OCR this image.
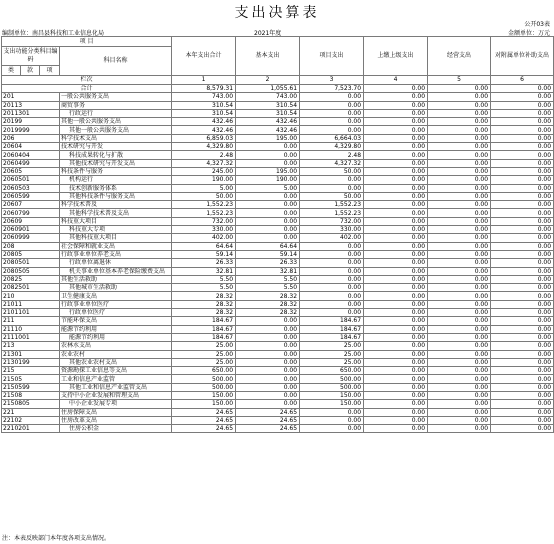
支出决算表
公开03表
编制单位：南昌县科技和工业信息化局	2021年度	金额单位：万元
项 目				本年支出合计	基本支出	项目支出	上缴上级支出	经营支出	对附属单位补助支出
支出功能分类科目编码			科目名称						
类	款	项							
栏次				1	2	3	4	5	6
合计				8,579.31	1,055.61	7,523.70	0.00	0.00	0.00
201			一般公共服务支出	743.00	743.00	0.00	0.00	0.00	0.00
20113			商贸事务	310.54	310.54	0.00	0.00	0.00	0.00
2011301			行政运行	310.54	310.54	0.00	0.00	0.00	0.00
20199			其他一般公共服务支出	432.46	432.46	0.00	0.00	0.00	0.00
2019999			其他一般公共服务支出	432.46	432.46	0.00	0.00	0.00	0.00
206			科学技术支出	6,859.03	195.00	6,664.03	0.00	0.00	0.00
20604			技术研究与开发	4,329.80	0.00	4,329.80	0.00	0.00	0.00
2060404			科技成果转化与扩散	2.48	0.00	2.48	0.00	0.00	0.00
2060499			其他技术研究与开发支出	4,327.32	0.00	4,327.32	0.00	0.00	0.00
20605			科技条件与服务	245.00	195.00	50.00	0.00	0.00	0.00
2060501			机构运行	190.00	190.00	0.00	0.00	0.00	0.00
2060503			技术创新服务体系	5.00	5.00	0.00	0.00	0.00	0.00
2060599			其他科技条件与服务支出	50.00	0.00	50.00	0.00	0.00	0.00
20607			科学技术普及	1,552.23	0.00	1,552.23	0.00	0.00	0.00
2060799			其他科学技术普及支出	1,552.23	0.00	1,552.23	0.00	0.00	0.00
20609			科技重大项目	732.00	0.00	732.00	0.00	0.00	0.00
2060901			科技重大专项	330.00	0.00	330.00	0.00	0.00	0.00
2060999			其他科技重大项目	402.00	0.00	402.00	0.00	0.00	0.00
208			社会保障和就业支出	64.64	64.64	0.00	0.00	0.00	0.00
20805			行政事业单位养老支出	59.14	59.14	0.00	0.00	0.00	0.00
2080501			行政单位离退休	26.33	26.33	0.00	0.00	0.00	0.00
2080505			机关事业单位基本养老保险缴费支出	32.81	32.81	0.00	0.00	0.00	0.00
20825			其他生活救助	5.50	5.50	0.00	0.00	0.00	0.00
2082501			其他城市生活救助	5.50	5.50	0.00	0.00	0.00	0.00
210			卫生健康支出	28.32	28.32	0.00	0.00	0.00	0.00
21011			行政事业单位医疗	28.32	28.32	0.00	0.00	0.00	0.00
2101101			行政单位医疗	28.32	28.32	0.00	0.00	0.00	0.00
211			节能环保支出	184.67	0.00	184.67	0.00	0.00	0.00
21110			能源节约利用	184.67	0.00	184.67	0.00	0.00	0.00
2111001			能源节约利用	184.67	0.00	184.67	0.00	0.00	0.00
213			农林水支出	25.00	0.00	25.00	0.00	0.00	0.00
21301			农业农村	25.00	0.00	25.00	0.00	0.00	0.00
2130199			其他农业农村支出	25.00	0.00	25.00	0.00	0.00	0.00
215			资源勘探工业信息等支出	650.00	0.00	650.00	0.00	0.00	0.00
21505			工业和信息产业监管	500.00	0.00	500.00	0.00	0.00	0.00
2150599			其他工业和信息产业监管支出	500.00	0.00	500.00	0.00	0.00	0.00
21508			支持中小企业发展和管理支出	150.00	0.00	150.00	0.00	0.00	0.00
2150805			中小企业发展专项	150.00	0.00	150.00	0.00	0.00	0.00
221			住房保障支出	24.65	24.65	0.00	0.00	0.00	0.00
22102			住房改革支出	24.65	24.65	0.00	0.00	0.00	0.00
2210201			住房公积金	24.65	24.65	0.00	0.00	0.00	0.00
注：本表反映部门本年度各项支出情况。
